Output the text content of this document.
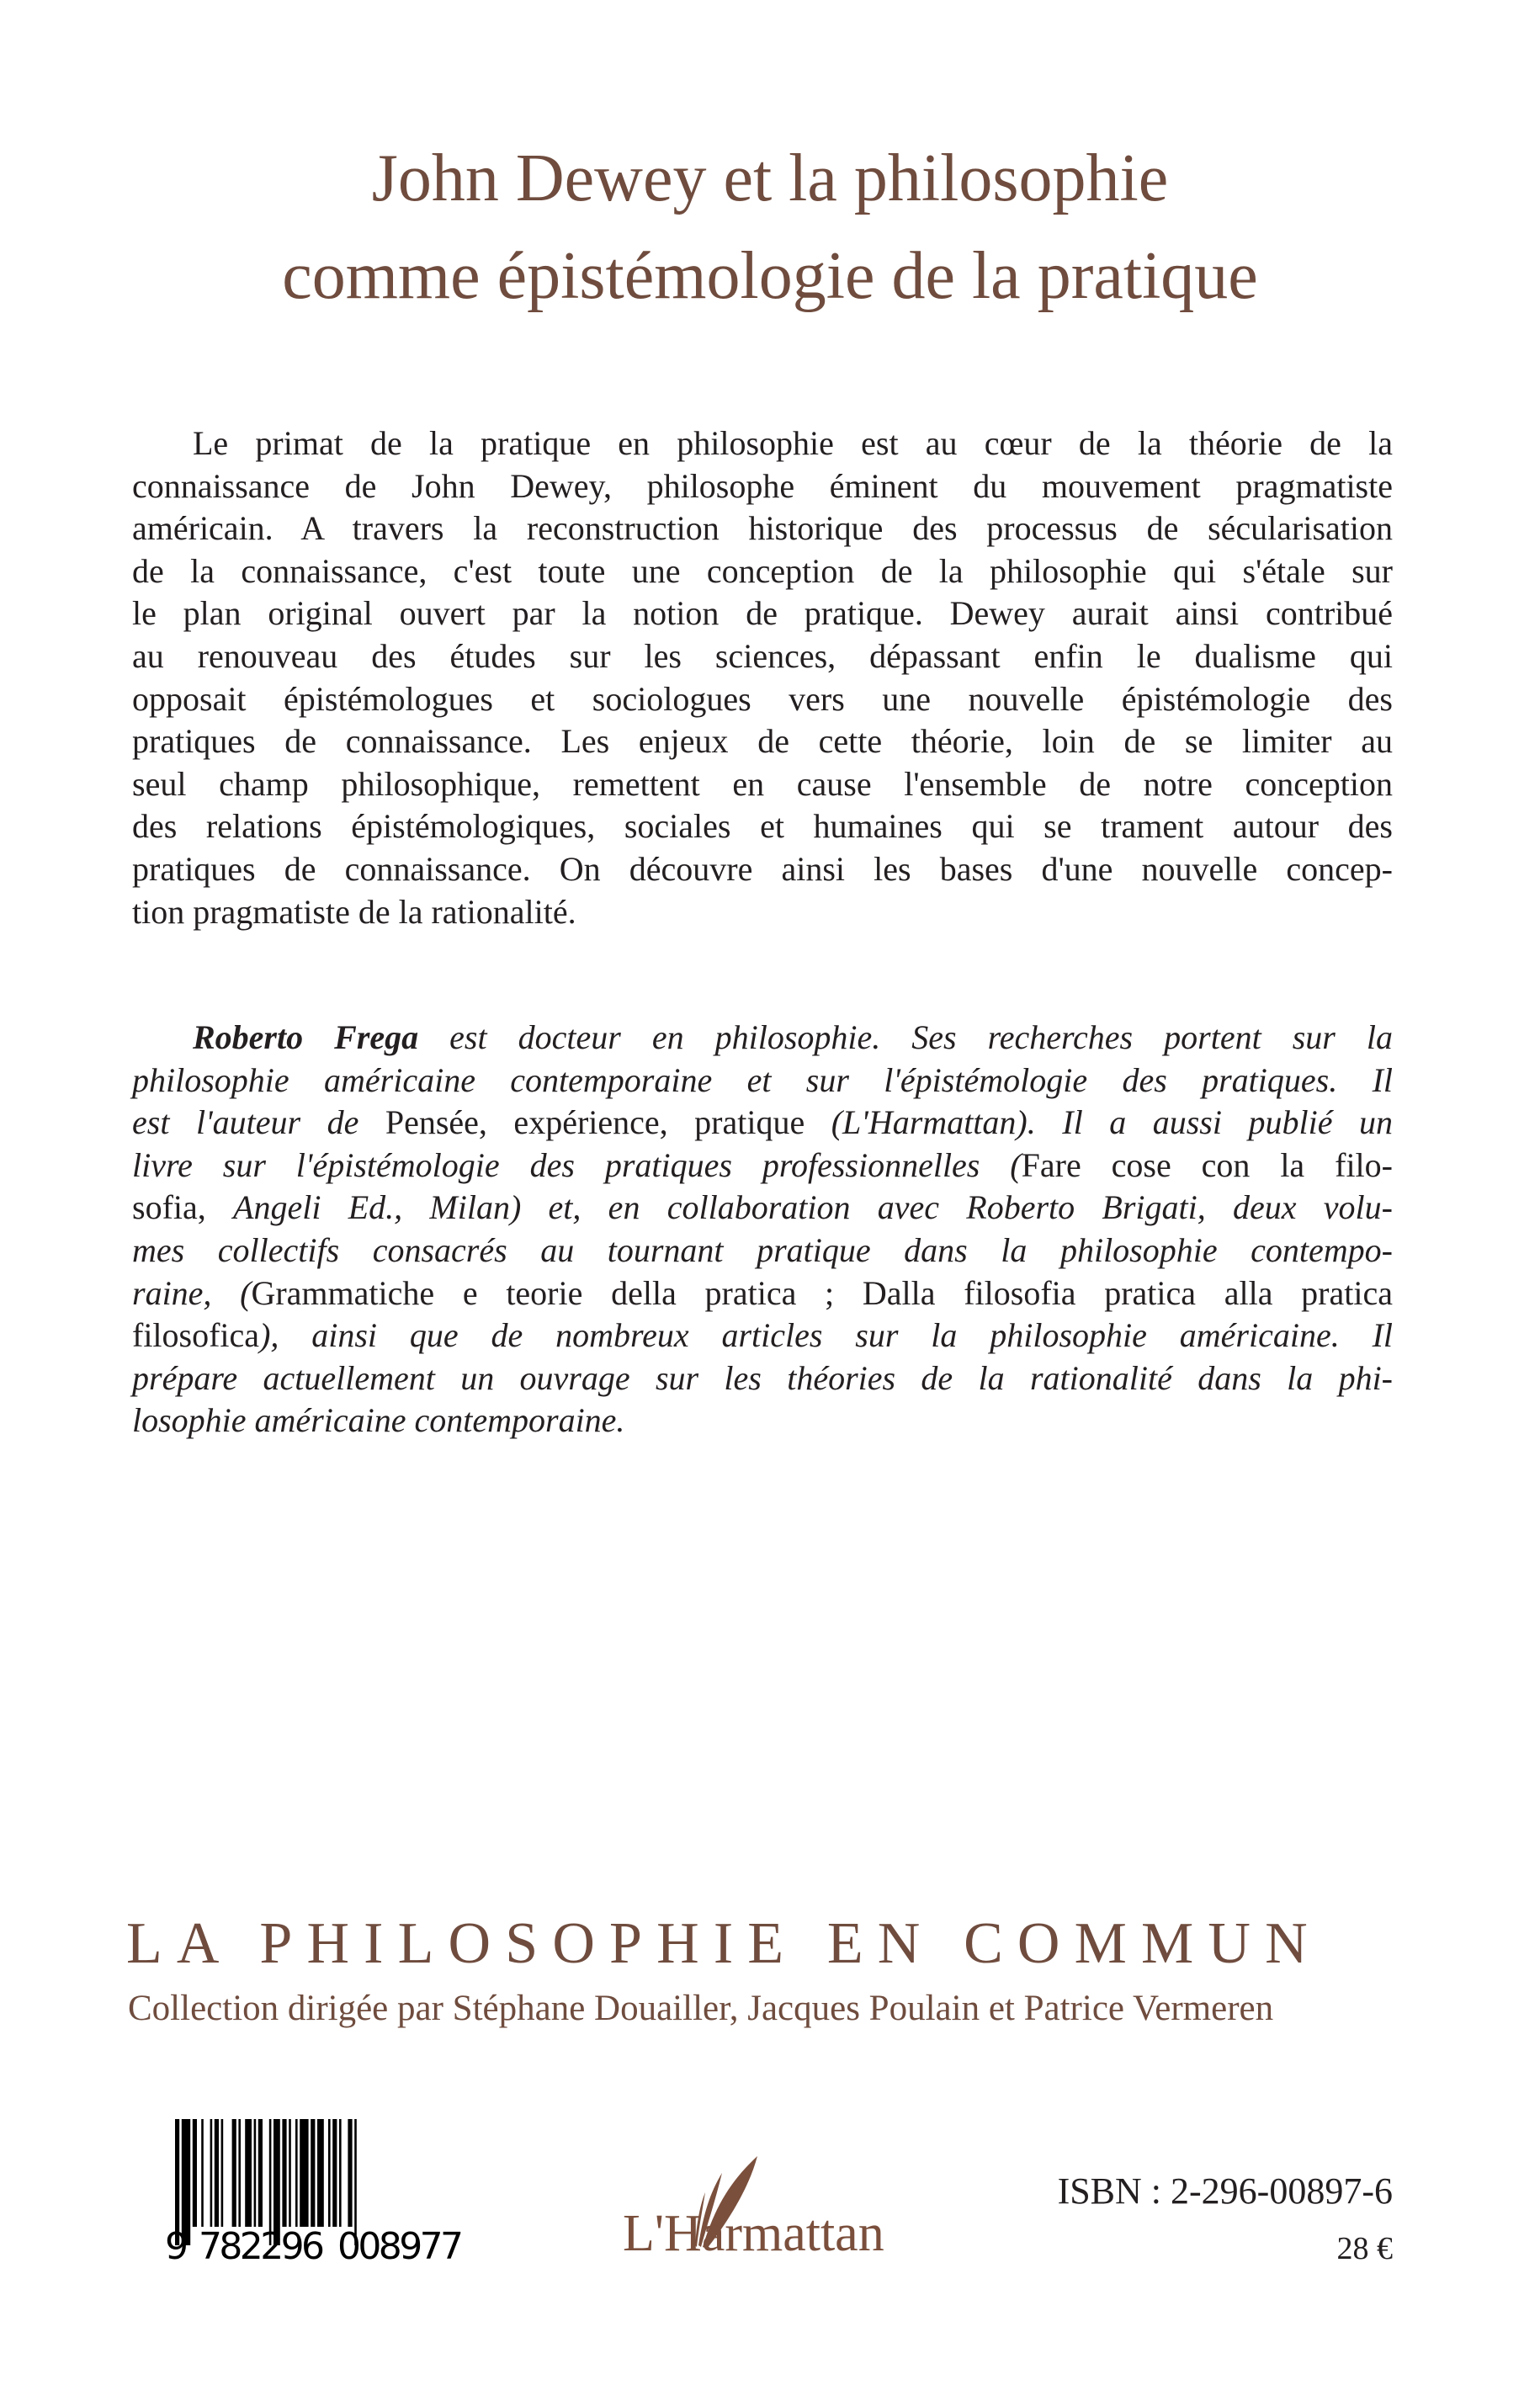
John Dewey et la philosophie
comme épistémologie de la pratique
Le primat de la pratique en philosophie est au cœur de la théorie de la
connaissance de John Dewey, philosophe éminent du mouvement pragmatiste
américain. A travers la reconstruction historique des processus de sécularisation
de la connaissance, c'est toute une conception de la philosophie qui s'étale sur
le plan original ouvert par la notion de pratique. Dewey aurait ainsi contribué
au renouveau des études sur les sciences, dépassant enfin le dualisme qui
opposait épistémologues et sociologues vers une nouvelle épistémologie des
pratiques de connaissance. Les enjeux de cette théorie, loin de se limiter au
seul champ philosophique, remettent en cause l'ensemble de notre conception
des relations épistémologiques, sociales et humaines qui se trament autour des
pratiques de connaissance. On découvre ainsi les bases d'une nouvelle concep-
tion pragmatiste de la rationalité.
Roberto Frega est docteur en philosophie. Ses recherches portent sur la
philosophie américaine contemporaine et sur l'épistémologie des pratiques. Il
est l'auteur de Pensée, expérience, pratique (L'Harmattan). Il a aussi publié un
livre sur l'épistémologie des pratiques professionnelles (Fare cose con la filo-
sofia, Angeli Ed., Milan) et, en collaboration avec Roberto Brigati, deux volu-
mes collectifs consacrés au tournant pratique dans la philosophie contempo-
raine, (Grammatiche e teorie della pratica ; Dalla filosofia pratica alla pratica
filosofica), ainsi que de nombreux articles sur la philosophie américaine. Il
prépare actuellement un ouvrage sur les théories de la rationalité dans la phi-
losophie américaine contemporaine.
LA PHILOSOPHIE EN COMMUN
Collection dirigée par Stéphane Douailler, Jacques Poulain et Patrice Vermeren
9 782296 008977	L'Harmattan
ISBN : 2-296-00897-6
28 €
